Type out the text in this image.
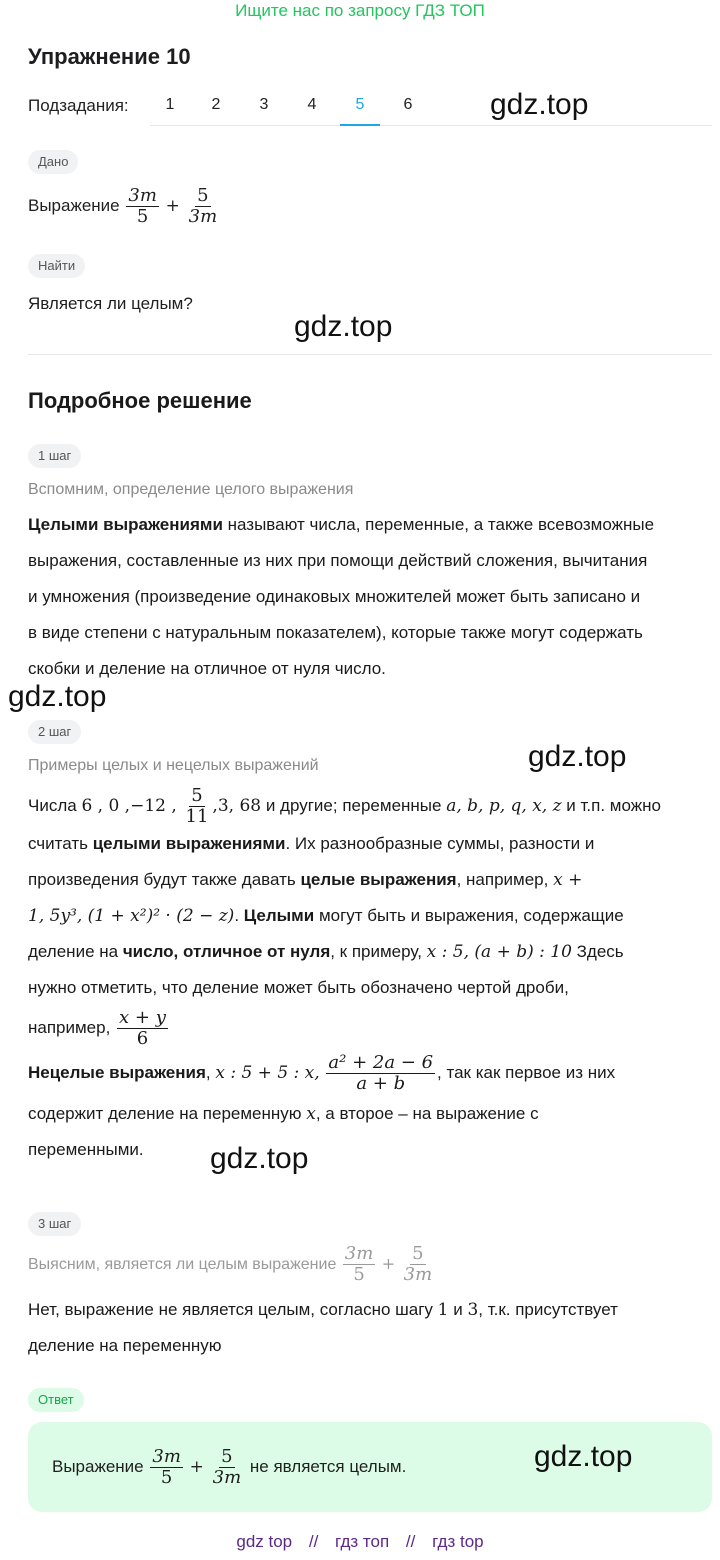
Ищите нас по запросу ГДЗ ТОП
Упражнение 10
Подзадания:	1	2	3	4	5	6	gdz.top
Дано
Выражение $\frac{3m}{5} + \frac{5}{3m}$
Найти
Является ли целым?
gdz.top
Подробное решение
1 шаг
Вспомним, определение целого выражения
Целыми выражениями называют числа, переменные, а также всевозможные
выражения, составленные из них при помощи действий сложения, вычитания
и умножения (произведение одинаковых множителей может быть записано и
в виде степени с натуральным показателем), которые также могут содержать
скобки и деление на отличное от нуля число.
gdz.top
2 шаг
gdz.top
Примеры целых и нецелых выражений
Числа 6 , 0 ,−12 , $\frac{5}{11} ,3$, 68 и другие; переменные a, b, p, q, x, z и т.п. можно
считать целыми выражениями. Их разнообразные суммы, разности и
произведения будут также давать целые выражения, например, x +
1, 5y³, (1 + x²)² · (2 − z). Целыми могут быть и выражения, содержащие
деление на число, отличное от нуля, к примеру, x : 5, (a + b) : 10 Здесь
нужно отметить, что деление может быть обозначено чертой дроби,
например, $\frac{x + y}{6}$
Нецелые выражения, x : 5 + 5 : x, $\frac{\text{a² + 2a − 6}}{a + b}$ , так как первое из них
содержит деление на переменную x, а второе – на выражение с
переменными.	gdz.top
3 шаг
Выясним, является ли целым выражение $\frac{3m}{5} + \frac{5}{3m}$
Нет, выражение не является целым, согласно шагу 1 и 3, т.к. присутствует
деление на переменную
Ответ
Выражение $\frac{3m}{5} + \frac{5}{3m}$ не является целым.	gdz.top
gdz top // гдз топ // гдз top
